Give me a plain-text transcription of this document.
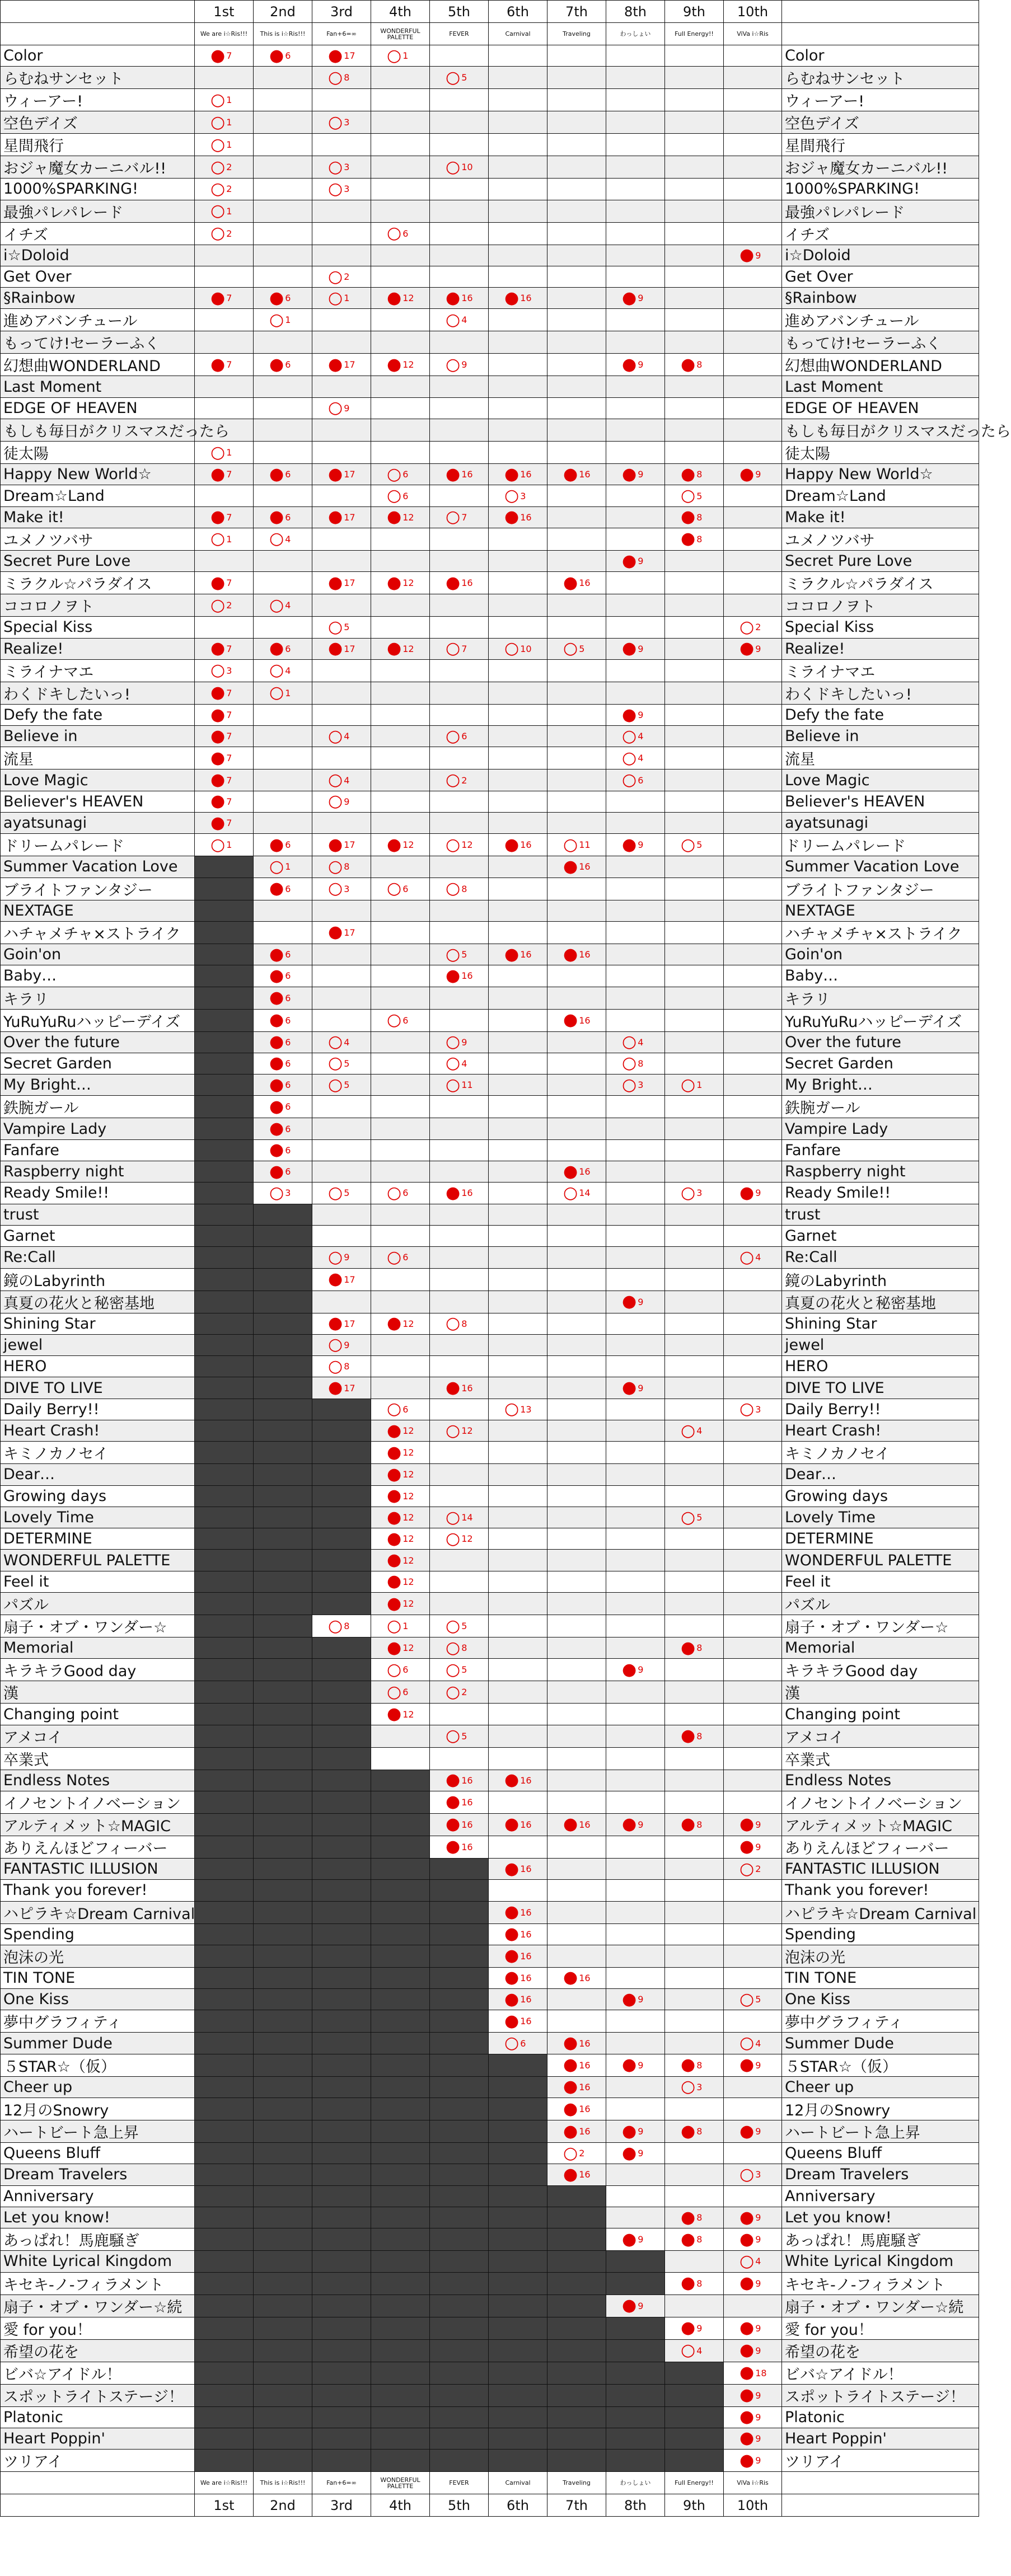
	1st	2nd	3rd	4th	5th	6th	7th	8th	9th	10th	
	We are i☆Ris!!!	This is i☆Ris!!!	Fan+6=∞	WONDERFUL PALETTE	FEVER	Carnival	Traveling	わっしょい	Full Energy!!	ViVa i☆Ris	
Color	● 7	● 6	● 17	○ 1							Color
らむねサンセット			○ 8		○ 5						らむねサンセット
ウィーアー!	○ 1										ウィーアー!
空色デイズ	○ 1		○ 3								空色デイズ
星間飛行	○ 1										星間飛行
おジャ魔女カーニバル!!	○ 2		○ 3		○ 10						おジャ魔女カーニバル!!
1000%SPARKING!	○ 2		○ 3								1000%SPARKING!
最強パレパレード	○ 1										最強パレパレード
イチズ	○ 2			○ 6							イチズ
i☆Doloid										● 9	i☆Doloid
Get Over			○ 2								Get Over
§Rainbow	● 7	● 6	○ 1	● 12	● 16	● 16		● 9			§Rainbow
進めアバンチュール		○ 1			○ 4						進めアバンチュール
もってけ!セーラーふく											もってけ!セーラーふく
幻想曲WONDERLAND	● 7	● 6	● 17	● 12	○ 9			● 9	● 8		幻想曲WONDERLAND
Last Moment											Last Moment
EDGE OF HEAVEN			○ 9								EDGE OF HEAVEN
もしも毎日がクリスマスだったら											もしも毎日がクリスマスだったら
徒太陽	○ 1										徒太陽
Happy New World☆	● 7	● 6	● 17	○ 6	● 16	● 16	● 16	● 9	● 8	● 9	Happy New World☆
Dream☆Land				○ 6		○ 3			○ 5		Dream☆Land
Make it!	● 7	● 6	● 17	● 12	○ 7	● 16			● 8		Make it!
ユメノツバサ	○ 1	○ 4							● 8		ユメノツバサ
Secret Pure Love								● 9			Secret Pure Love
ミラクル☆パラダイス	● 7		● 17	● 12	● 16		● 16				ミラクル☆パラダイス
ココロノヲト	○ 2	○ 4									ココロノヲト
Special Kiss			○ 5							○ 2	Special Kiss
Realize!	● 7	● 6	● 17	● 12	○ 7	○ 10	○ 5	● 9		● 9	Realize!
ミライナマエ	○ 3	○ 4									ミライナマエ
わくドキしたいっ!	● 7	○ 1									わくドキしたいっ!
Defy the fate	● 7							● 9			Defy the fate
Believe in	● 7		○ 4		○ 6			○ 4			Believe in
流星	● 7							○ 4			流星
Love Magic	● 7		○ 4		○ 2			○ 6			Love Magic
Believer's HEAVEN	● 7		○ 9								Believer's HEAVEN
ayatsunagi	● 7										ayatsunagi
ドリームパレード	○ 1	● 6	● 17	● 12	○ 12	● 16	○ 11	● 9	○ 5		ドリームパレード
Summer Vacation Love		○ 1	○ 8				● 16				Summer Vacation Love
ブライトファンタジー		● 6	○ 3	○ 6	○ 8						ブライトファンタジー
NEXTAGE											NEXTAGE
ハチャメチャ×ストライク			● 17								ハチャメチャ×ストライク
Goin'on		● 6			○ 5	● 16	● 16				Goin'on
Baby…		● 6			● 16						Baby…
キラリ		● 6									キラリ
YuRuYuRuハッピーデイズ		● 6		○ 6			● 16				YuRuYuRuハッピーデイズ
Over the future		● 6	○ 4		○ 9			○ 4			Over the future
Secret Garden		● 6	○ 5		○ 4			○ 8			Secret Garden
My Bright…		● 6	○ 5		○ 11			○ 3	○ 1		My Bright…
鉄腕ガール		● 6									鉄腕ガール
Vampire Lady		● 6									Vampire Lady
Fanfare		● 6									Fanfare
Raspberry night		● 6					● 16				Raspberry night
Ready Smile!!		○ 3	○ 5	○ 6	● 16		○ 14		○ 3	● 9	Ready Smile!!
trust											trust
Garnet											Garnet
Re:Call			○ 9	○ 6						○ 4	Re:Call
鏡のLabyrinth			● 17								鏡のLabyrinth
真夏の花火と秘密基地								● 9			真夏の花火と秘密基地
Shining Star			● 17	● 12	○ 8						Shining Star
jewel			○ 9								jewel
HERO			○ 8								HERO
DIVE TO LIVE			● 17		● 16			● 9			DIVE TO LIVE
Daily Berry!!				○ 6		○ 13				○ 3	Daily Berry!!
Heart Crash!				● 12	○ 12				○ 4		Heart Crash!
キミノカノセイ				● 12							キミノカノセイ
Dear…				● 12							Dear…
Growing days				● 12							Growing days
Lovely Time				● 12	○ 14				○ 5		Lovely Time
DETERMINE				● 12	○ 12						DETERMINE
WONDERFUL PALETTE				● 12							WONDERFUL PALETTE
Feel it				● 12							Feel it
パズル				● 12							パズル
扇子・オブ・ワンダー☆			○ 8	○ 1	○ 5						扇子・オブ・ワンダー☆
Memorial				● 12	○ 8				● 8		Memorial
キラキラGood day				○ 6	○ 5			● 9			キラキラGood day
漢				○ 6	○ 2						漢
Changing point				● 12							Changing point
アメコイ					○ 5				● 8		アメコイ
卒業式											卒業式
Endless Notes					● 16	● 16					Endless Notes
イノセントイノベーション					● 16						イノセントイノベーション
アルティメット☆MAGIC					● 16	● 16	● 16	● 9	● 8	● 9	アルティメット☆MAGIC
ありえんほどフィーバー					● 16					● 9	ありえんほどフィーバー
FANTASTIC ILLUSION						● 16				○ 2	FANTASTIC ILLUSION
Thank you forever!											Thank you forever!
ハピラキ☆Dream Carnival						● 16					ハピラキ☆Dream Carnival
Spending						● 16					Spending
泡沫の光						● 16					泡沫の光
TIN TONE						● 16	● 16				TIN TONE
One Kiss						● 16		● 9		○ 5	One Kiss
夢中グラフィティ						● 16					夢中グラフィティ
Summer Dude						○ 6	● 16			○ 4	Summer Dude
５STAR☆（仮）							● 16	● 9	● 8	● 9	５STAR☆（仮）
Cheer up							● 16		○ 3		Cheer up
12月のSnowry							● 16				12月のSnowry
ハートビート急上昇							● 16	● 9	● 8	● 9	ハートビート急上昇
Queens Bluff							○ 2	● 9			Queens Bluff
Dream Travelers							● 16			○ 3	Dream Travelers
Anniversary											Anniversary
Let you know!									● 8	● 9	Let you know!
あっぱれ！馬鹿騒ぎ								● 9	● 8	● 9	あっぱれ！馬鹿騒ぎ
White Lyrical Kingdom										○ 4	White Lyrical Kingdom
キセキ-ノ-フィラメント									● 8	● 9	キセキ-ノ-フィラメント
扇子・オブ・ワンダー☆続								● 9			扇子・オブ・ワンダー☆続
愛 for you！									● 9	● 9	愛 for you！
希望の花を									○ 4	● 9	希望の花を
ビバ☆アイドル！										● 18	ビバ☆アイドル！
スポットライトステージ！										● 9	スポットライトステージ！
Platonic										● 9	Platonic
Heart Poppin'										● 9	Heart Poppin'
ツリアイ										● 9	ツリアイ
	We are i☆Ris!!!	This is i☆Ris!!!	Fan+6=∞	WONDERFUL PALETTE	FEVER	Carnival	Traveling	わっしょい	Full Energy!!	ViVa i☆Ris	
	1st	2nd	3rd	4th	5th	6th	7th	8th	9th	10th	
